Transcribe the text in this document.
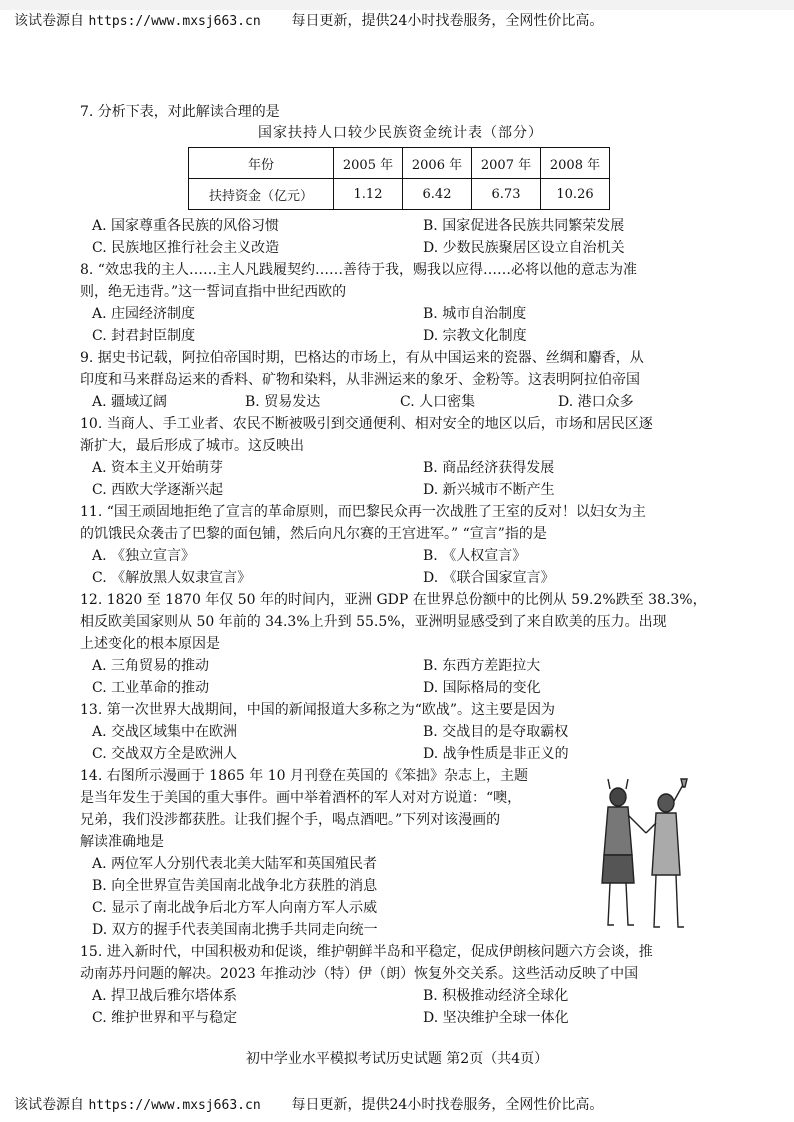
该试卷源自 https://www.mxsj663.cn 每日更新，提供24小时找卷服务，全网性价比高。
7. 分析下表，对此解读合理的是
国家扶持人口较少民族资金统计表（部分）
年份	2005 年	2006 年	2007 年	2008 年
扶持资金（亿元）	1.12	6.42	6.73	10.26
A. 国家尊重各民族的风俗习惯	B. 国家促进各民族共同繁荣发展
C. 民族地区推行社会主义改造	D. 少数民族聚居区设立自治机关
8. “效忠我的主人……主人凡践履契约……善待于我，赐我以应得……必将以他的意志为准
则，绝无违背。”这一誓词直指中世纪西欧的
A. 庄园经济制度	B. 城市自治制度
C. 封君封臣制度	D. 宗教文化制度
9. 据史书记载，阿拉伯帝国时期，巴格达的市场上，有从中国运来的瓷器、丝绸和麝香，从
印度和马来群岛运来的香料、矿物和染料，从非洲运来的象牙、金粉等。这表明阿拉伯帝国
A. 疆域辽阔	B. 贸易发达	C. 人口密集	D. 港口众多
10. 当商人、手工业者、农民不断被吸引到交通便利、相对安全的地区以后，市场和居民区逐
渐扩大，最后形成了城市。这反映出
A. 资本主义开始萌芽	B. 商品经济获得发展
C. 西欧大学逐渐兴起	D. 新兴城市不断产生
11. “国王顽固地拒绝了宣言的革命原则，而巴黎民众再一次战胜了王室的反对！以妇女为主
的饥饿民众袭击了巴黎的面包铺，然后向凡尔赛的王宫进军。” “宣言”指的是
A. 《独立宣言》	B. 《人权宣言》
C. 《解放黑人奴隶宣言》	D. 《联合国家宣言》
12. 1820 至 1870 年仅 50 年的时间内，亚洲 GDP 在世界总份额中的比例从 59.2%跌至 38.3%，
相反欧美国家则从 50 年前的 34.3%上升到 55.5%，亚洲明显感受到了来自欧美的压力。出现
上述变化的根本原因是
A. 三角贸易的推动	B. 东西方差距拉大
C. 工业革命的推动	D. 国际格局的变化
13. 第一次世界大战期间，中国的新闻报道大多称之为“欧战”。这主要是因为
A. 交战区域集中在欧洲	B. 交战目的是夺取霸权
C. 交战双方全是欧洲人	D. 战争性质是非正义的
14. 右图所示漫画于 1865 年 10 月刊登在英国的《笨拙》杂志上，主题
是当年发生于美国的重大事件。画中举着酒杯的军人对对方说道：“噢，
兄弟，我们没涉都获胜。让我们握个手，喝点酒吧。”下列对该漫画的
解读准确地是
A. 两位军人分别代表北美大陆军和英国殖民者
B. 向全世界宣告美国南北战争北方获胜的消息
C. 显示了南北战争后北方军人向南方军人示威
D. 双方的握手代表美国南北携手共同走向统一
15. 进入新时代，中国积极劝和促谈，维护朝鲜半岛和平稳定，促成伊朗核问题六方会谈，推
动南苏丹问题的解决。2023 年推动沙（特）伊（朗）恢复外交关系。这些活动反映了中国
A. 捍卫战后雅尔塔体系	B. 积极推动经济全球化
C. 维护世界和平与稳定	D. 坚决维护全球一体化
初中学业水平模拟考试历史试题 第2页（共4页）
该试卷源自 https://www.mxsj663.cn 每日更新，提供24小时找卷服务，全网性价比高。
